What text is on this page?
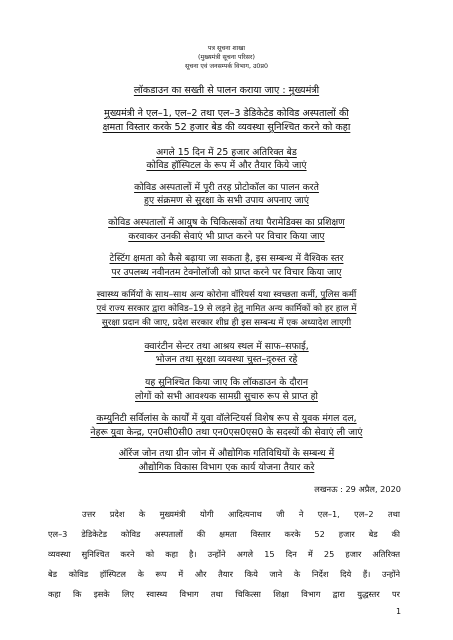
पत्र सूचना शाखा
(मुख्यमंत्री सूचना परिसर)
सूचना एवं जनसम्पर्क विभाग, उ0प्र0
लॉकडाउन का सख्ती से पालन कराया जाए : मुख्यमंत्री
मुख्यमंत्री ने एल–1, एल–2 तथा एल–3 डेडिकेटेड कोविड अस्पतालों की
क्षमता विस्तार करके 52 हजार बेड की व्यवस्था सुनिश्चित करने को कहा
अगले 15 दिन में 25 हजार अतिरिक्त बेड
कोविड हॉस्पिटल के रूप में और तैयार किये जाएं
कोविड अस्पतालों में पूरी तरह प्रोटोकॉल का पालन करते
हुए संक्रमण से सुरक्षा के सभी उपाय अपनाए जाएं
कोविड अस्पतालों में आयुष के चिकित्सकों तथा पैरामेडिक्स का प्रशिक्षण
करवाकर उनकी सेवाएं भी प्राप्त करने पर विचार किया जाए
टेस्टिंग क्षमता को कैसे बढ़ाया जा सकता है, इस सम्बन्ध में वैश्विक स्तर
पर उपलब्ध नवीनतम टेक्नोलॉजी को प्राप्त करने पर विचार किया जाए
स्वास्थ्य कर्मियों के साथ–साथ अन्य कोरोना वॉरियर्स यथा स्वच्छता कर्मी, पुलिस कर्मी
एवं राज्य सरकार द्वारा कोविड–19 से लड़ने हेतु नामित अन्य कार्मिकों को हर हाल में
सुरक्षा प्रदान की जाए, प्रदेश सरकार शीघ्र ही इस सम्बन्ध में एक अध्यादेश लाएगी
क्वारंटीन सेन्टर तथा आश्रय स्थल में साफ–सफाई,
भोजन तथा सुरक्षा व्यवस्था चुस्त–दुरुस्त रहे
यह सुनिश्चित किया जाए कि लॉकडाउन के दौरान
लोगों को सभी आवश्यक सामग्री सुचारु रूप से प्राप्त हो
कम्युनिटी सर्विलांस के कार्यों में युवा वॉलेन्टियर्स विशेष रूप से युवक मंगल दल,
नेहरू युवा केन्द्र, एन0सी0सी0 तथा एन0एस0एस0 के सदस्यों की सेवाएं ली जाएं
ऑरेंज जोन तथा ग्रीन जोन में औद्योगिक गतिविधियों के सम्बन्ध में
औद्योगिक विकास विभाग एक कार्य योजना तैयार करे
लखनऊ : 29 अप्रैल, 2020
उत्तर प्रदेश के मुख्यमंत्री योगी आदित्यनाथ जी ने एल–1, एल–2 तथा
एल–3 डेडिकेटेड कोविड अस्पतालों की क्षमता विस्तार करके 52 हजार बेड की
व्यवस्था सुनिश्चित करने को कहा है। उन्होंने अगले 15 दिन में 25 हजार अतिरिक्त
बेड कोविड हॉस्पिटल के रूप में और तैयार किये जाने के निर्देश दिये हैं। उन्होंने
कहा कि इसके लिए स्वास्थ्य विभाग तथा चिकित्सा शिक्षा विभाग द्वारा युद्धस्तर पर
1
